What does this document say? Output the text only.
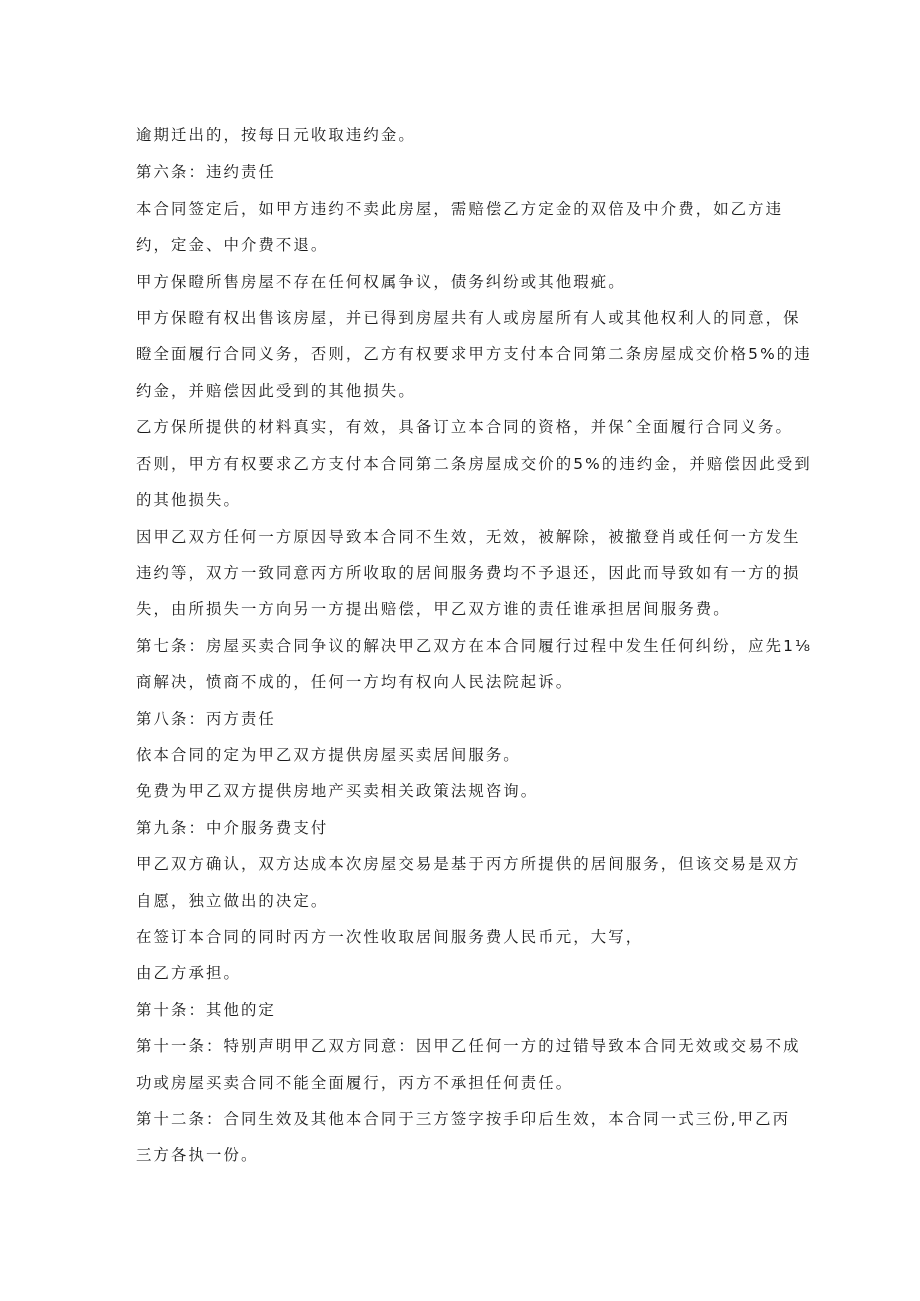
逾期迁出的，按每日元收取违约金。
第六条：违约责任
本合同签定后，如甲方违约不卖此房屋，需赔偿乙方定金的双倍及中介费，如乙方违
约，定金、中介费不退。
甲方保瞪所售房屋不存在任何权属争议，债务纠纷或其他瑕疵。
甲方保瞪有权出售该房屋，并已得到房屋共有人或房屋所有人或其他权利人的同意，保
瞪全面履行合同义务，否则，乙方有权要求甲方支付本合同第二条房屋成交价格5%的违
约金，并赔偿因此受到的其他损失。
乙方保所提供的材料真实，有效，具备订立本合同的资格，并保ˆ全面履行合同义务。
否则，甲方有权要求乙方支付本合同第二条房屋成交价的5%的违约金，并赔偿因此受到
的其他损失。
因甲乙双方任何一方原因导致本合同不生效，无效，被解除，被撤登肖或任何一方发生
违约等，双方一致同意丙方所收取的居间服务费均不予退还，因此而导致如有一方的损
失，由所损失一方向另一方提出赔偿，甲乙双方谁的责任谁承担居间服务费。
第七条：房屋买卖合同争议的解决甲乙双方在本合同履行过程中发生任何纠纷，应先1⅛
商解决，愤商不成的，任何一方均有权向人民法院起诉。
第八条：丙方责任
依本合同的定为甲乙双方提供房屋买卖居间服务。
免费为甲乙双方提供房地产买卖相关政策法规咨询。
第九条：中介服务费支付
甲乙双方确认，双方达成本次房屋交易是基于丙方所提供的居间服务，但该交易是双方
自愿，独立做出的决定。
在签订本合同的同时丙方一次性收取居间服务费人民币元，大写，
由乙方承担。
第十条：其他的定
第十一条：特别声明甲乙双方同意：因甲乙任何一方的过错导致本合同无效或交易不成
功或房屋买卖合同不能全面履行，丙方不承担任何责任。
第十二条：合同生效及其他本合同于三方签字按手印后生效，本合同一式三份,甲乙丙
三方各执一份。
